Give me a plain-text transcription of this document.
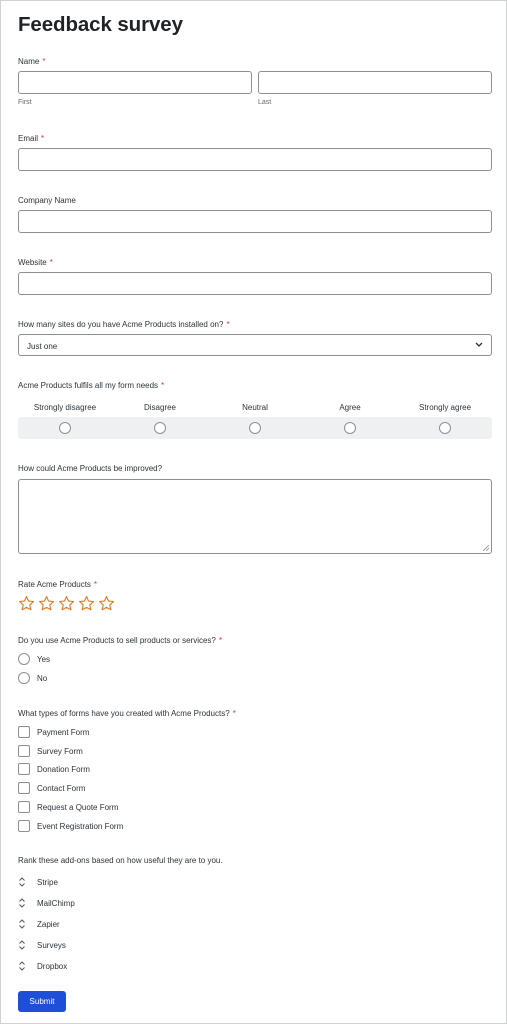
Feedback survey
Name *
First	Last
Email *
Company Name
Website *
How many sites do you have Acme Products installed on? *
Just one
Acme Products fulfils all my form needs *
Strongly disagree	Disagree	Neutral	Agree	Strongly agree
How could Acme Products be improved?
Rate Acme Products *
Do you use Acme Products to sell products or services? *
Yes
No
What types of forms have you created with Acme Products? *
Payment Form
Survey Form
Donation Form
Contact Form
Request a Quote Form
Event Registration Form
Rank these add-ons based on how useful they are to you.
Stripe
MailChimp
Zapier
Surveys
Dropbox
Submit
